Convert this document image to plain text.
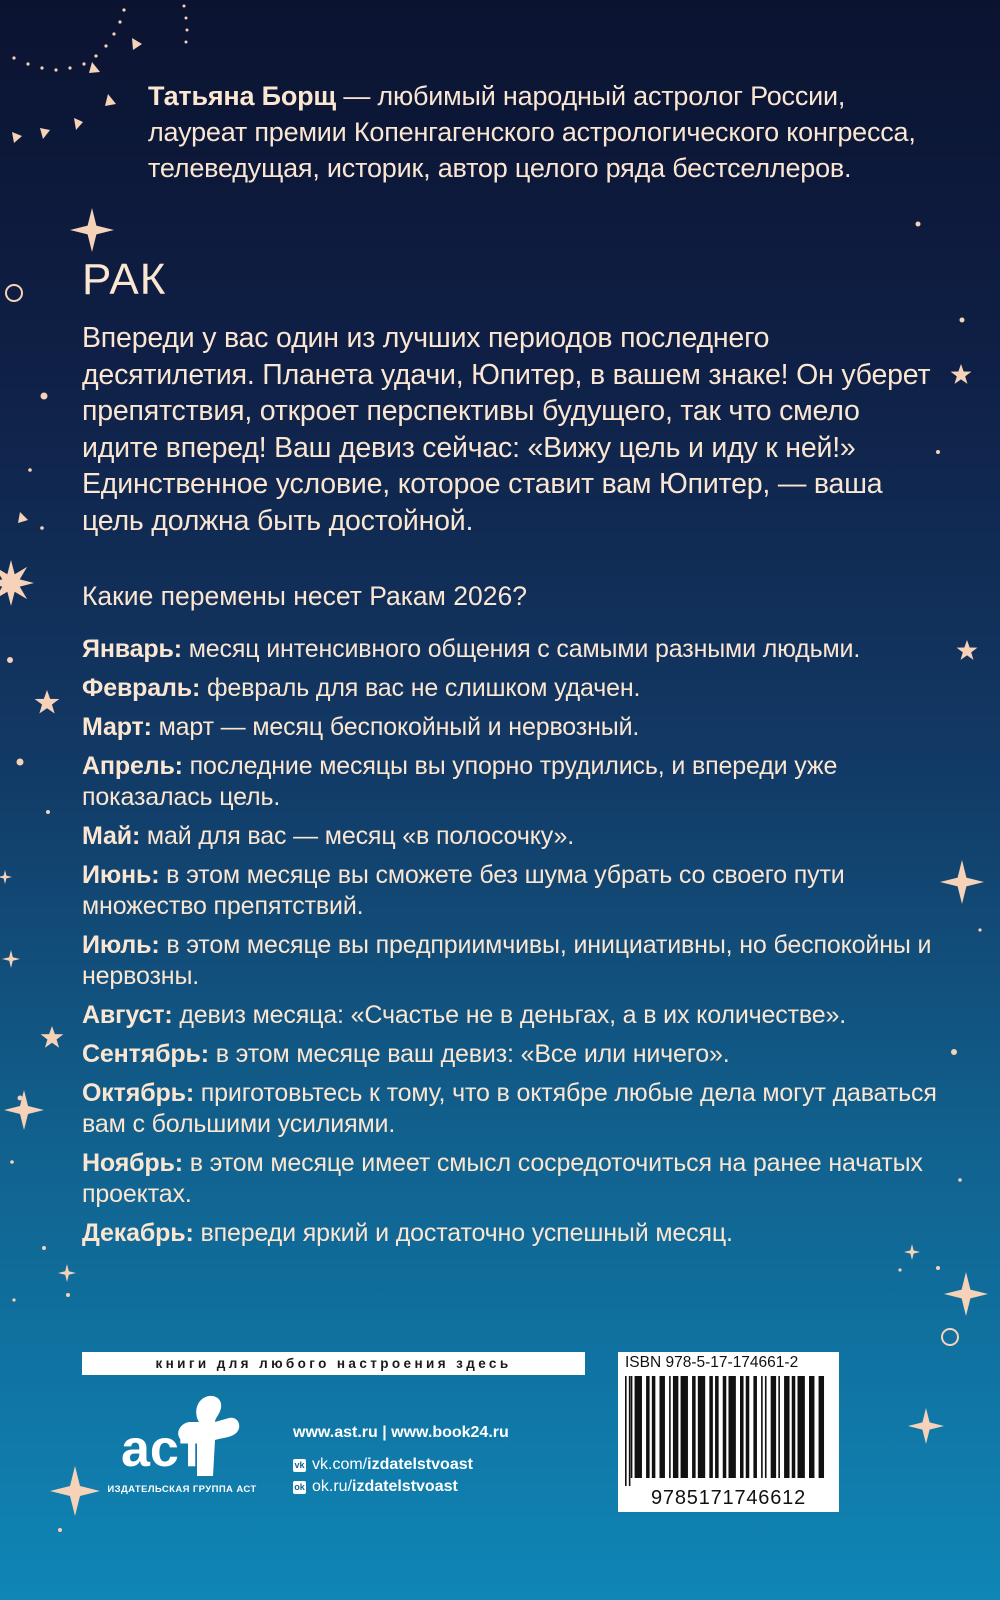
Татьяна Борщ — любимый народный астролог России, лауреат премии Копенгагенского астрологического конгресса, телеведущая, историк, автор целого ряда бестселлеров.
РАК
Впереди у вас один из лучших периодов последнего десятилетия. Планета удачи, Юпитер, в вашем знаке! Он уберет препятствия, откроет перспективы будущего, так что смело идите вперед! Ваш девиз сейчас: «Вижу цель и иду к ней!» Единственное условие, которое ставит вам Юпитер, — ваша цель должна быть достойной.
Какие перемены несет Ракам 2026?
Январь: месяц интенсивного общения с самыми разными людьми.
Февраль: февраль для вас не слишком удачен.
Март: март — месяц беспокойный и нервозный.
Апрель: последние месяцы вы упорно трудились, и впереди уже показалась цель.
Май: май для вас — месяц «в полосочку».
Июнь: в этом месяце вы сможете без шума убрать со своего пути множество препятствий.
Июль: в этом месяце вы предприимчивы, инициативны, но беспокойны и нервозны.
Август: девиз месяца: «Счастье не в деньгах, а в их количестве».
Сентябрь: в этом месяце ваш девиз: «Все или ничего».
Октябрь: приготовьтесь к тому, что в октябре любые дела могут даваться вам с большими усилиями.
Ноябрь: в этом месяце имеет смысл сосредоточиться на ранее начатых проектах.
Декабрь: впереди яркий и достаточно успешный месяц.
книги для любого настроения здесь
аст
ИЗДАТЕЛЬСКАЯ ГРУППА АСТ
www.ast.ru | www.book24.ru
vk vk.com/ izdatelstvoast
ok ok.ru/ izdatelstvoast
ISBN 978-5-17-174661-2
9785171746612
